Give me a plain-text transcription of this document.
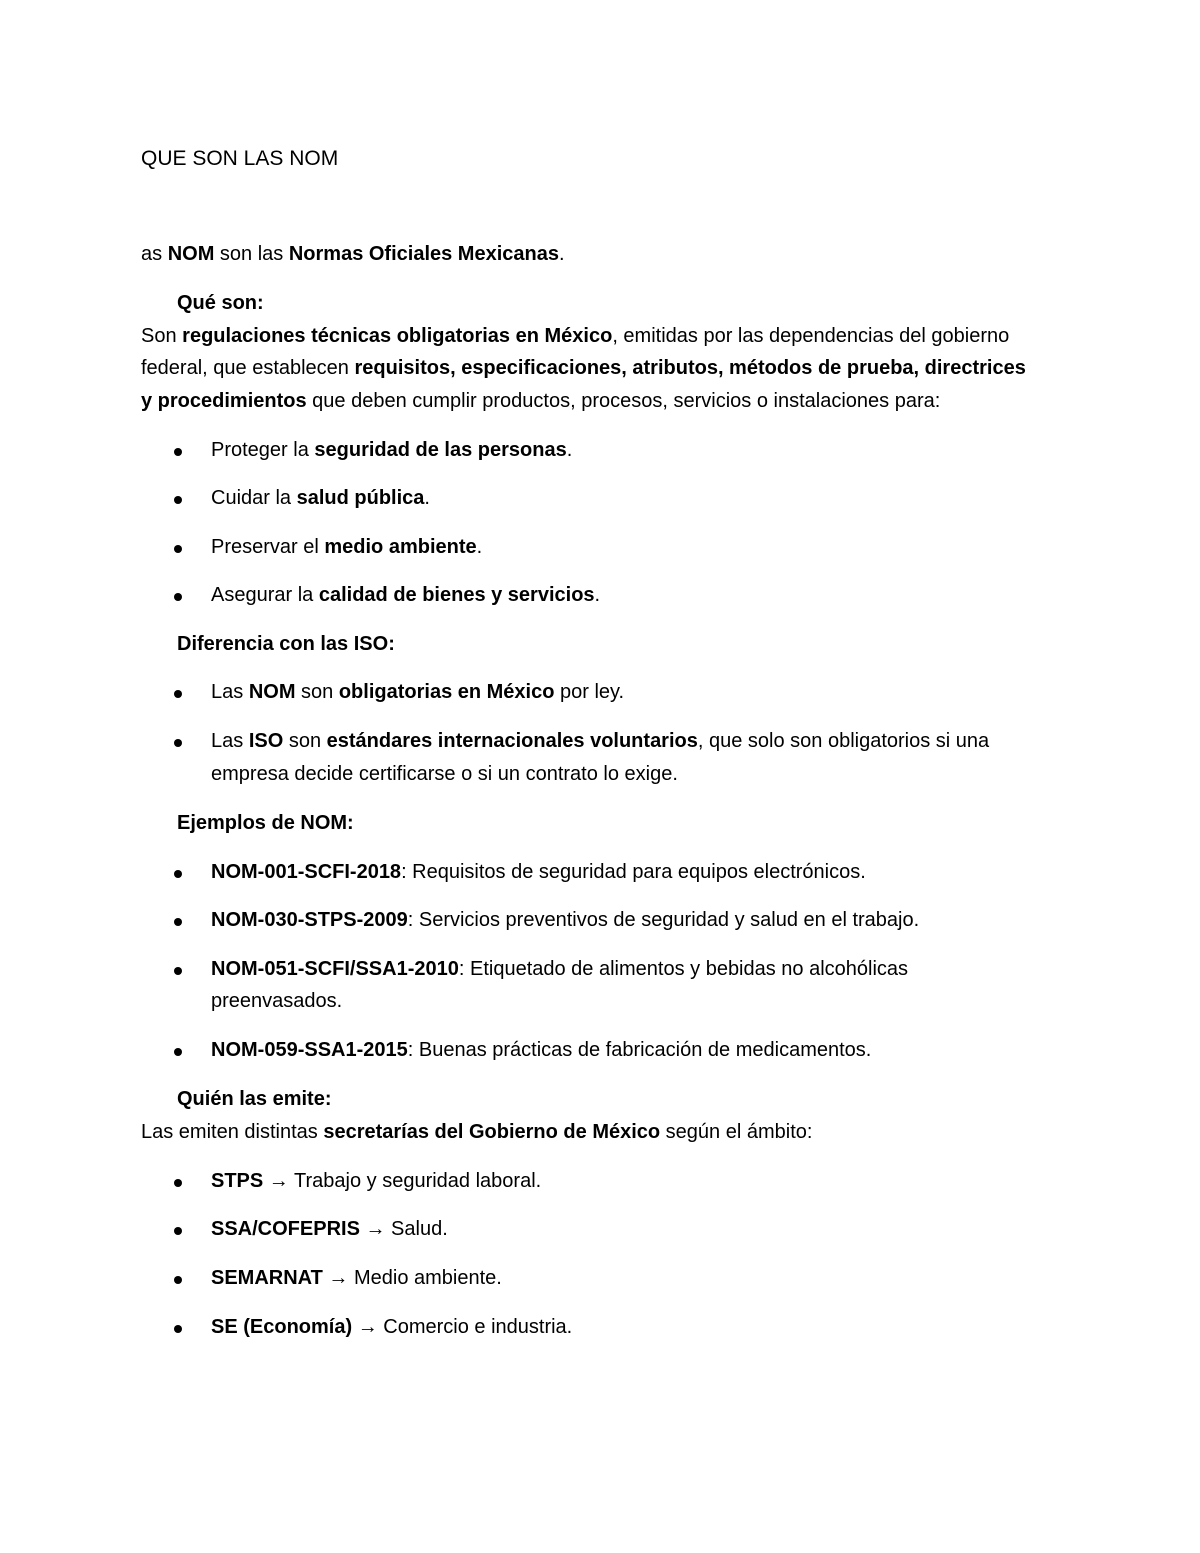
QUE SON LAS NOM
as NOM son las Normas Oficiales Mexicanas.
Qué son:
Son regulaciones técnicas obligatorias en México, emitidas por las dependencias del gobierno
federal, que establecen requisitos, especificaciones, atributos, métodos de prueba, directrices
y procedimientos que deben cumplir productos, procesos, servicios o instalaciones para:
Proteger la seguridad de las personas.
Cuidar la salud pública.
Preservar el medio ambiente.
Asegurar la calidad de bienes y servicios.
Diferencia con las ISO:
Las NOM son obligatorias en México por ley.
Las ISO son estándares internacionales voluntarios, que solo son obligatorios si una
empresa decide certificarse o si un contrato lo exige.
Ejemplos de NOM:
NOM-001-SCFI-2018: Requisitos de seguridad para equipos electrónicos.
NOM-030-STPS-2009: Servicios preventivos de seguridad y salud en el trabajo.
NOM-051-SCFI/SSA1-2010: Etiquetado de alimentos y bebidas no alcohólicas
preenvasados.
NOM-059-SSA1-2015: Buenas prácticas de fabricación de medicamentos.
Quién las emite:
Las emiten distintas secretarías del Gobierno de México según el ámbito:
STPS → Trabajo y seguridad laboral.
SSA/COFEPRIS → Salud.
SEMARNAT → Medio ambiente.
SE (Economía) → Comercio e industria.
